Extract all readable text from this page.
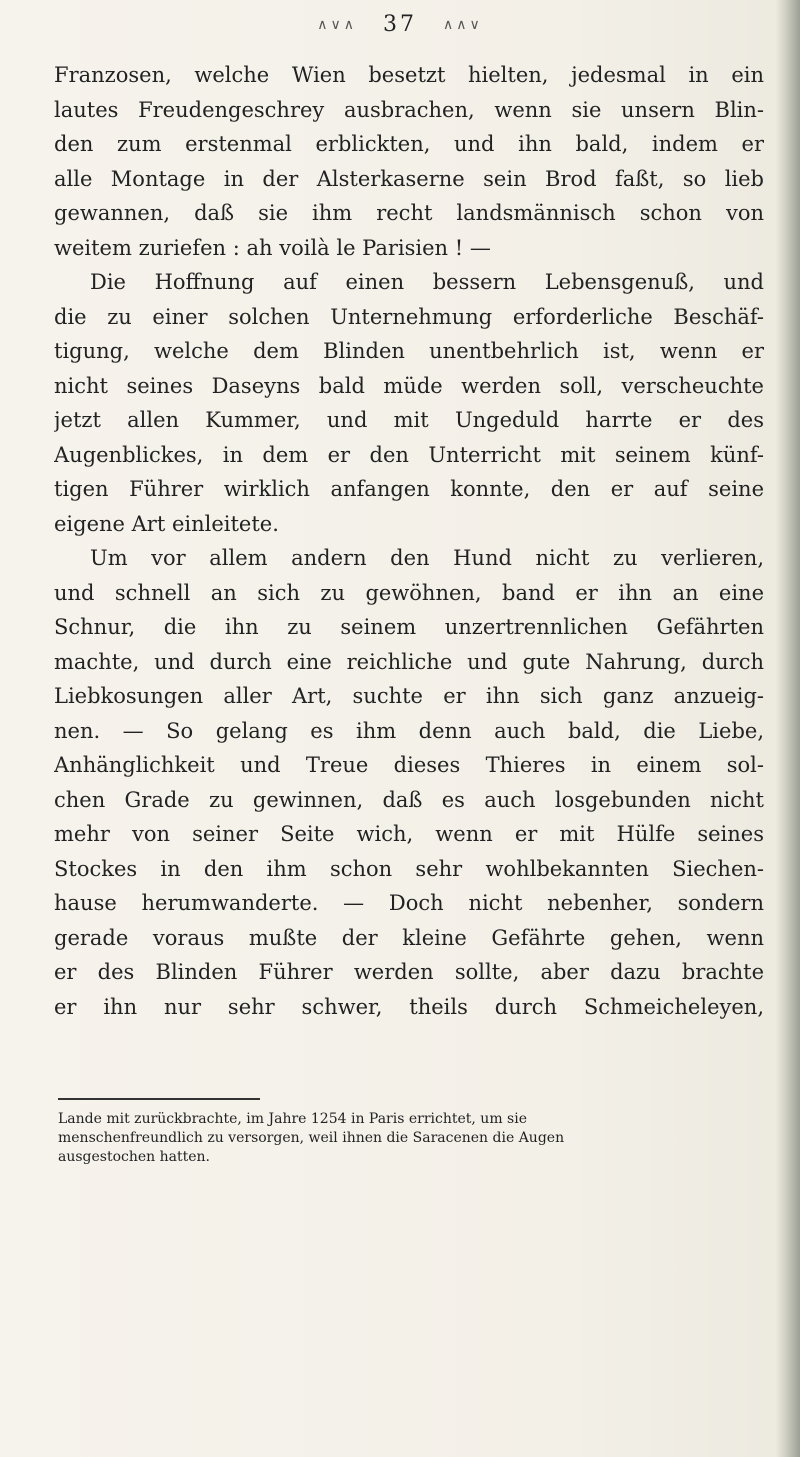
∧∨∧ 37 ∧∧∨
Franzosen, welche Wien besetzt hielten, jedesmal in ein
lautes Freudengeschrey ausbrachen, wenn sie unsern Blin-
den zum erstenmal erblickten, und ihn bald, indem er
alle Montage in der Alsterkaserne sein Brod faßt, so lieb
gewannen, daß sie ihm recht landsmännisch schon von
weitem zuriefen : ah voilà le Parisien ! —
Die Hoffnung auf einen bessern Lebensgenuß, und
die zu einer solchen Unternehmung erforderliche Beschäf-
tigung, welche dem Blinden unentbehrlich ist, wenn er
nicht seines Daseyns bald müde werden soll, verscheuchte
jetzt allen Kummer, und mit Ungeduld harrte er des
Augenblickes, in dem er den Unterricht mit seinem künf-
tigen Führer wirklich anfangen konnte, den er auf seine
eigene Art einleitete.
Um vor allem andern den Hund nicht zu verlieren,
und schnell an sich zu gewöhnen, band er ihn an eine
Schnur, die ihn zu seinem unzertrennlichen Gefährten
machte, und durch eine reichliche und gute Nahrung, durch
Liebkosungen aller Art, suchte er ihn sich ganz anzueig-
nen. — So gelang es ihm denn auch bald, die Liebe,
Anhänglichkeit und Treue dieses Thieres in einem sol-
chen Grade zu gewinnen, daß es auch losgebunden nicht
mehr von seiner Seite wich, wenn er mit Hülfe seines
Stockes in den ihm schon sehr wohlbekannten Siechen-
hause herumwanderte. — Doch nicht nebenher, sondern
gerade voraus mußte der kleine Gefährte gehen, wenn
er des Blinden Führer werden sollte, aber dazu brachte
er ihn nur sehr schwer, theils durch Schmeicheleyen,
Lande mit zurückbrachte, im Jahre 1254 in Paris errichtet, um sie
menschenfreundlich zu versorgen, weil ihnen die Saracenen die Augen
ausgestochen hatten.
